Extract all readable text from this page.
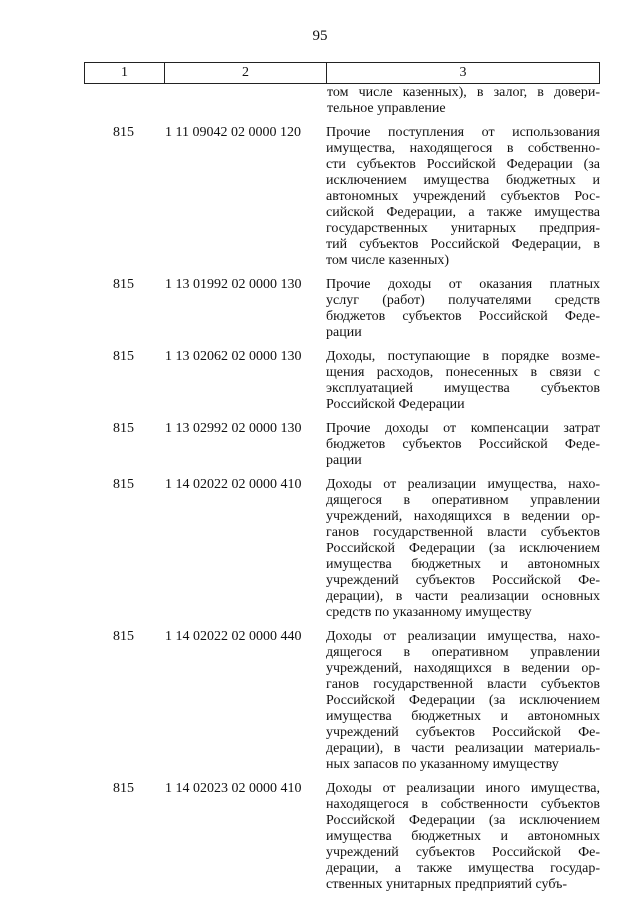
95
1	2	3
том числе казенных), в залог, в довери-
тельное управление
815	1 11 09042 02 0000 120	Прочие поступления от использования
имущества, находящегося в собственно-
сти субъектов Российской Федерации (за
исключением имущества бюджетных и
автономных учреждений субъектов Рос-
сийской Федерации, а также имущества
государственных унитарных предприя-
тий субъектов Российской Федерации, в
том числе казенных)
815	1 13 01992 02 0000 130	Прочие доходы от оказания платных
услуг (работ) получателями средств
бюджетов субъектов Российской Феде-
рации
815	1 13 02062 02 0000 130	Доходы, поступающие в порядке возме-
щения расходов, понесенных в связи с
эксплуатацией имущества субъектов
Российской Федерации
815	1 13 02992 02 0000 130	Прочие доходы от компенсации затрат
бюджетов субъектов Российской Феде-
рации
815	1 14 02022 02 0000 410	Доходы от реализации имущества, нахо-
дящегося в оперативном управлении
учреждений, находящихся в ведении ор-
ганов государственной власти субъектов
Российской Федерации (за исключением
имущества бюджетных и автономных
учреждений субъектов Российской Фе-
дерации), в части реализации основных
средств по указанному имуществу
815	1 14 02022 02 0000 440	Доходы от реализации имущества, нахо-
дящегося в оперативном управлении
учреждений, находящихся в ведении ор-
ганов государственной власти субъектов
Российской Федерации (за исключением
имущества бюджетных и автономных
учреждений субъектов Российской Фе-
дерации), в части реализации материаль-
ных запасов по указанному имуществу
815	1 14 02023 02 0000 410	Доходы от реализации иного имущества,
находящегося в собственности субъектов
Российской Федерации (за исключением
имущества бюджетных и автономных
учреждений субъектов Российской Фе-
дерации, а также имущества государ-
ственных унитарных предприятий субъ-
